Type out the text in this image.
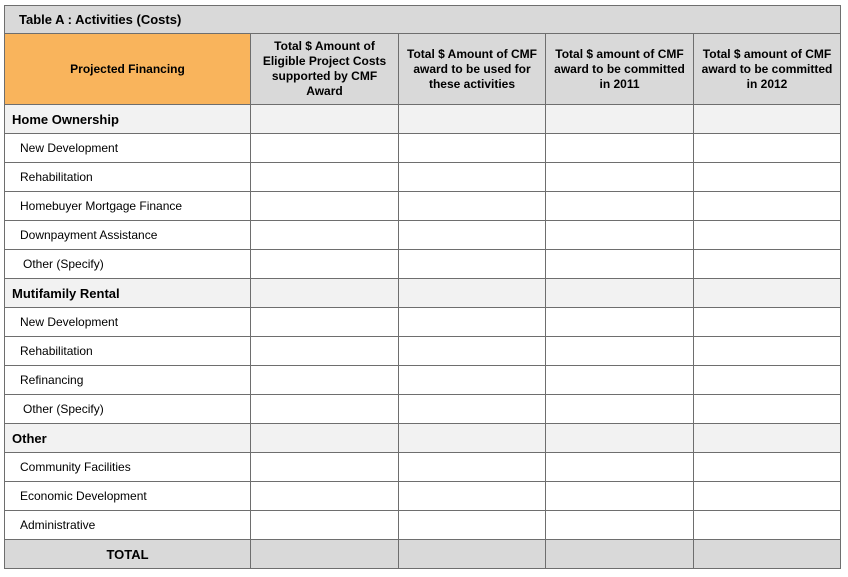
Table A : Activities (Costs)				
Projected Financing	Total $ Amount of Eligible Project Costs supported by CMF Award	Total $ Amount of CMF award to be used for these activities	Total $ amount of CMF award to be committed in 2011	Total $ amount of CMF award to be committed in 2012
Home Ownership				
New Development				
Rehabilitation				
Homebuyer Mortgage Finance				
Downpayment Assistance				
Other (Specify)				
Mutifamily Rental				
New Development				
Rehabilitation				
Refinancing				
Other (Specify)				
Other				
Community Facilities				
Economic Development				
Administrative				
TOTAL				
